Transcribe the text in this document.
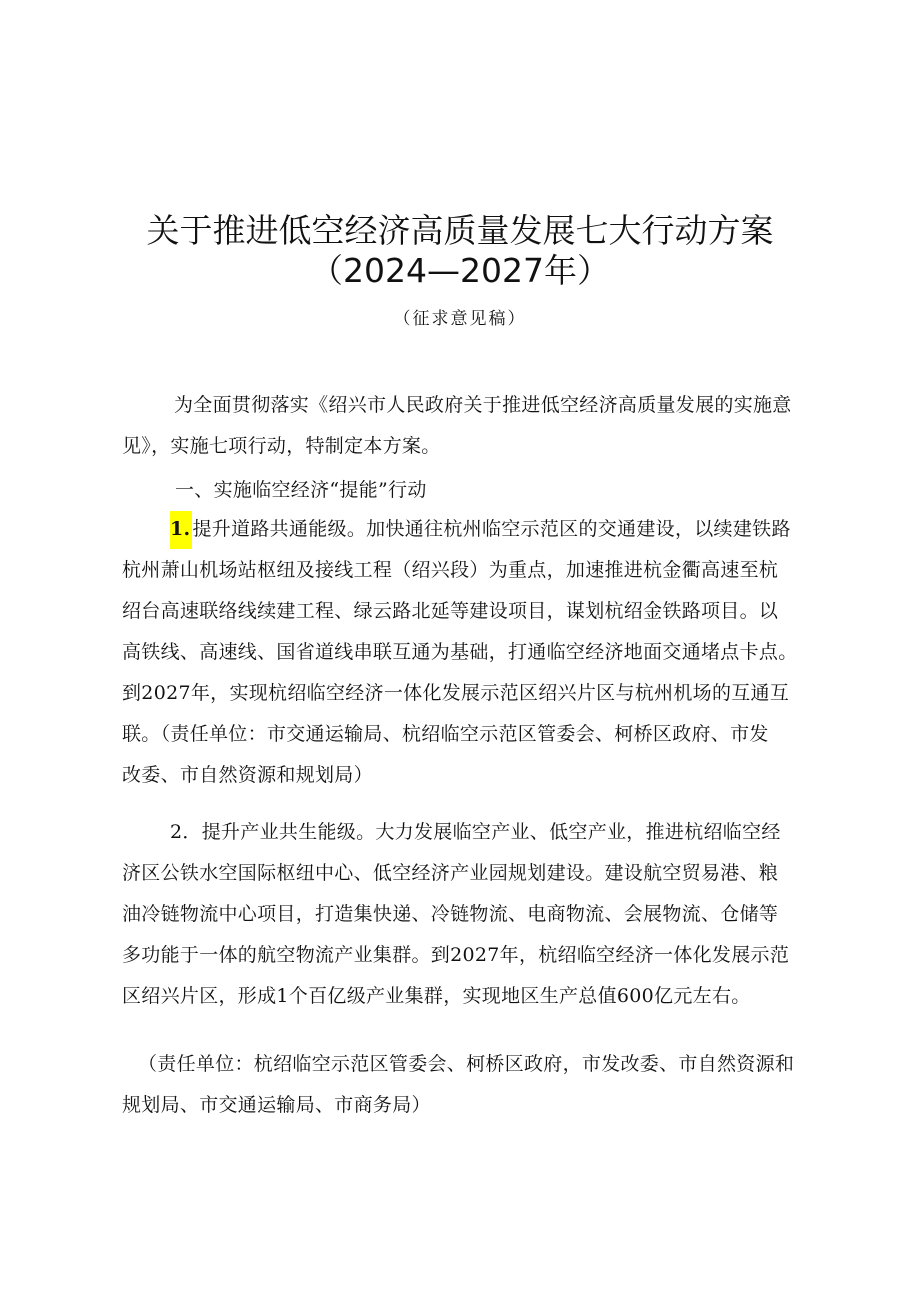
关于推进低空经济高质量发展七大行动方案
（2024—2027年）
（征求意见稿）
为全面贯彻落实《绍兴市人民政府关于推进低空经济高质量发展的实施意
见》，实施七项行动，特制定本方案。
一、实施临空经济“提能”行动
1. 提升道路共通能级。加快通往杭州临空示范区的交通建设，以续建铁路
杭州萧山机场站枢纽及接线工程（绍兴段）为重点，加速推进杭金衢高速至杭
绍台高速联络线续建工程、绿云路北延等建设项目，谋划杭绍金铁路项目。以
高铁线、高速线、国省道线串联互通为基础，打通临空经济地面交通堵点卡点。
到2027年，实现杭绍临空经济一体化发展示范区绍兴片区与杭州机场的互通互
联。（责任单位：市交通运输局、杭绍临空示范区管委会、柯桥区政府、市发
改委、市自然资源和规划局）
2．提升产业共生能级。大力发展临空产业、低空产业，推进杭绍临空经
济区公铁水空国际枢纽中心、低空经济产业园规划建设。建设航空贸易港、粮
油冷链物流中心项目，打造集快递、冷链物流、电商物流、会展物流、仓储等
多功能于一体的航空物流产业集群。到2027年，杭绍临空经济一体化发展示范
区绍兴片区，形成1个百亿级产业集群，实现地区生产总值600亿元左右。
（责任单位：杭绍临空示范区管委会、柯桥区政府，市发改委、市自然资源和
规划局、市交通运输局、市商务局）
